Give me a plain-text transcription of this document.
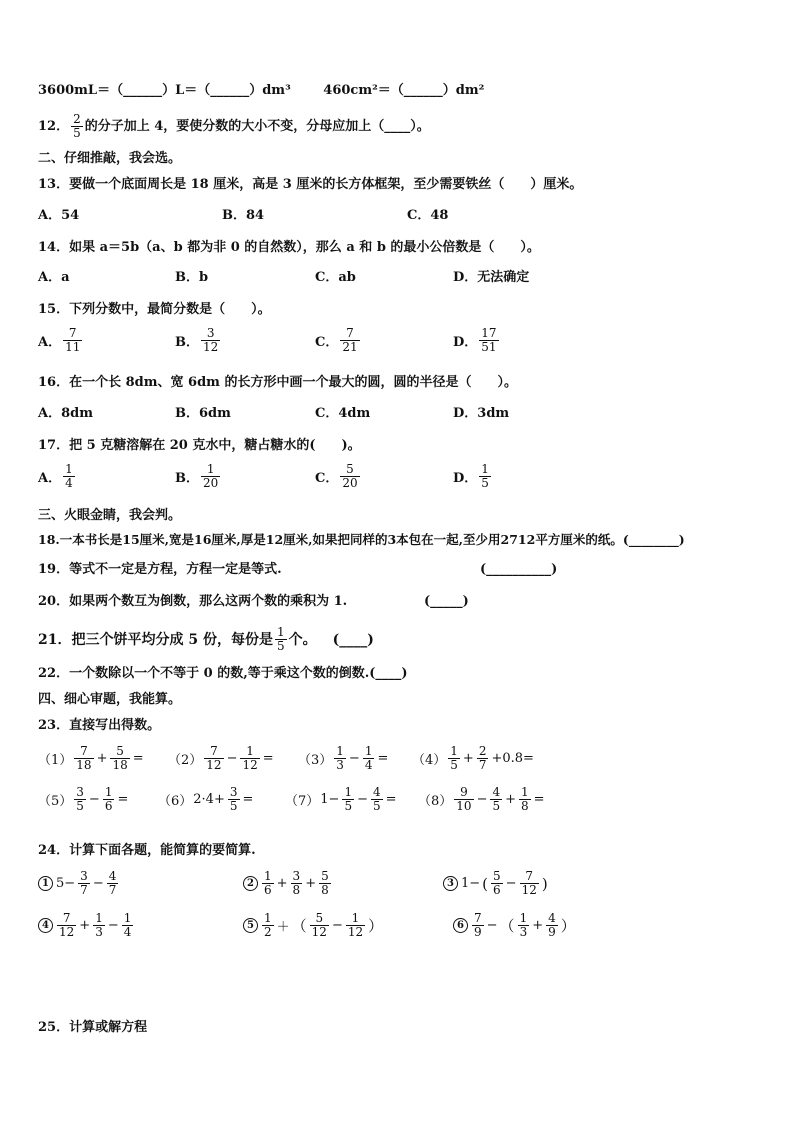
3600mL＝（______）L＝（______）dm³	460cm²＝（______）dm²
12． $\frac{2}{5}$ 的分子加上 4，要使分数的大小不变，分母应加上（____）。
二、仔细推敲，我会选。
13．要做一个底面周长是 18 厘米，高是 3 厘米的长方体框架，至少需要铁丝（　　）厘米。
A．54	B．84	C．48
14．如果 a＝5b（a、b 都为非 0 的自然数），那么 a 和 b 的最小公倍数是（　　）。
A．a	B．b	C．ab	D．无法确定
15．下列分数中，最简分数是（　　）。
A． $\frac{7}{11}$	B． $\frac{3}{12}$	C． $\frac{7}{21}$	D． $\frac{17}{51}$
16．在一个长 8dm、宽 6dm 的长方形中画一个最大的圆，圆的半径是（　　）。
A．8dm	B．6dm	C．4dm	D．3dm
17．把 5 克糖溶解在 20 克水中，糖占糖水的(　　)。
A． $\frac{1}{4}$	B． $\frac{1}{20}$	C． $\frac{5}{20}$	D． $\frac{1}{5}$
三、火眼金睛，我会判。
18.一本书长是15厘米,宽是16厘米,厚是12厘米,如果把同样的3本包在一起,至少用2712平方厘米的纸。(________)
19．等式不一定是方程，方程一定是等式.	(__________)
20．如果两个数互为倒数，那么这两个数的乘积为 1.	(_____)
21．把三个饼平均分成 5 份，每份是 $\frac{1}{5}$ 个。 (____)
22．一个数除以一个不等于 0 的数,等于乘这个数的倒数.(____)
四、细心审题，我能算。
23．直接写出得数。
$(1) \frac{7}{18} + \frac{5}{18} = (2) \frac{7}{12} - \frac{1}{12} = (3) \frac{1}{3} - \frac{1}{4} = (4) \frac{1}{5} + \frac{2}{7} +0.8=$
$(5) \frac{3}{5} - \frac{1}{6} = (6)$ $2\cdot 4+ \frac{3}{5} = (7)$ $1- \frac{1}{5} - \frac{4}{5} = (8) \frac{9}{10} - \frac{4}{5} + \frac{1}{8}$ =
24．计算下面各题，能简算的要简算.
1 $5- \frac{3}{7} - \frac{4}{7}$	$2 \frac{1}{6} + \frac{3}{8} + \frac{5}{8}$	3 1− ( $\frac{5}{6} - \frac{7}{12}$ )
$4 \frac{7}{12} + \frac{1}{3} - \frac{1}{4}$	$5 \frac{1}{2}$ ＋ （ $\frac{5}{12} - \frac{1}{12}$ ）	$6 \frac{7}{9}$ − （ $\frac{1}{3} + \frac{4}{9}$ ）
25．计算或解方程
